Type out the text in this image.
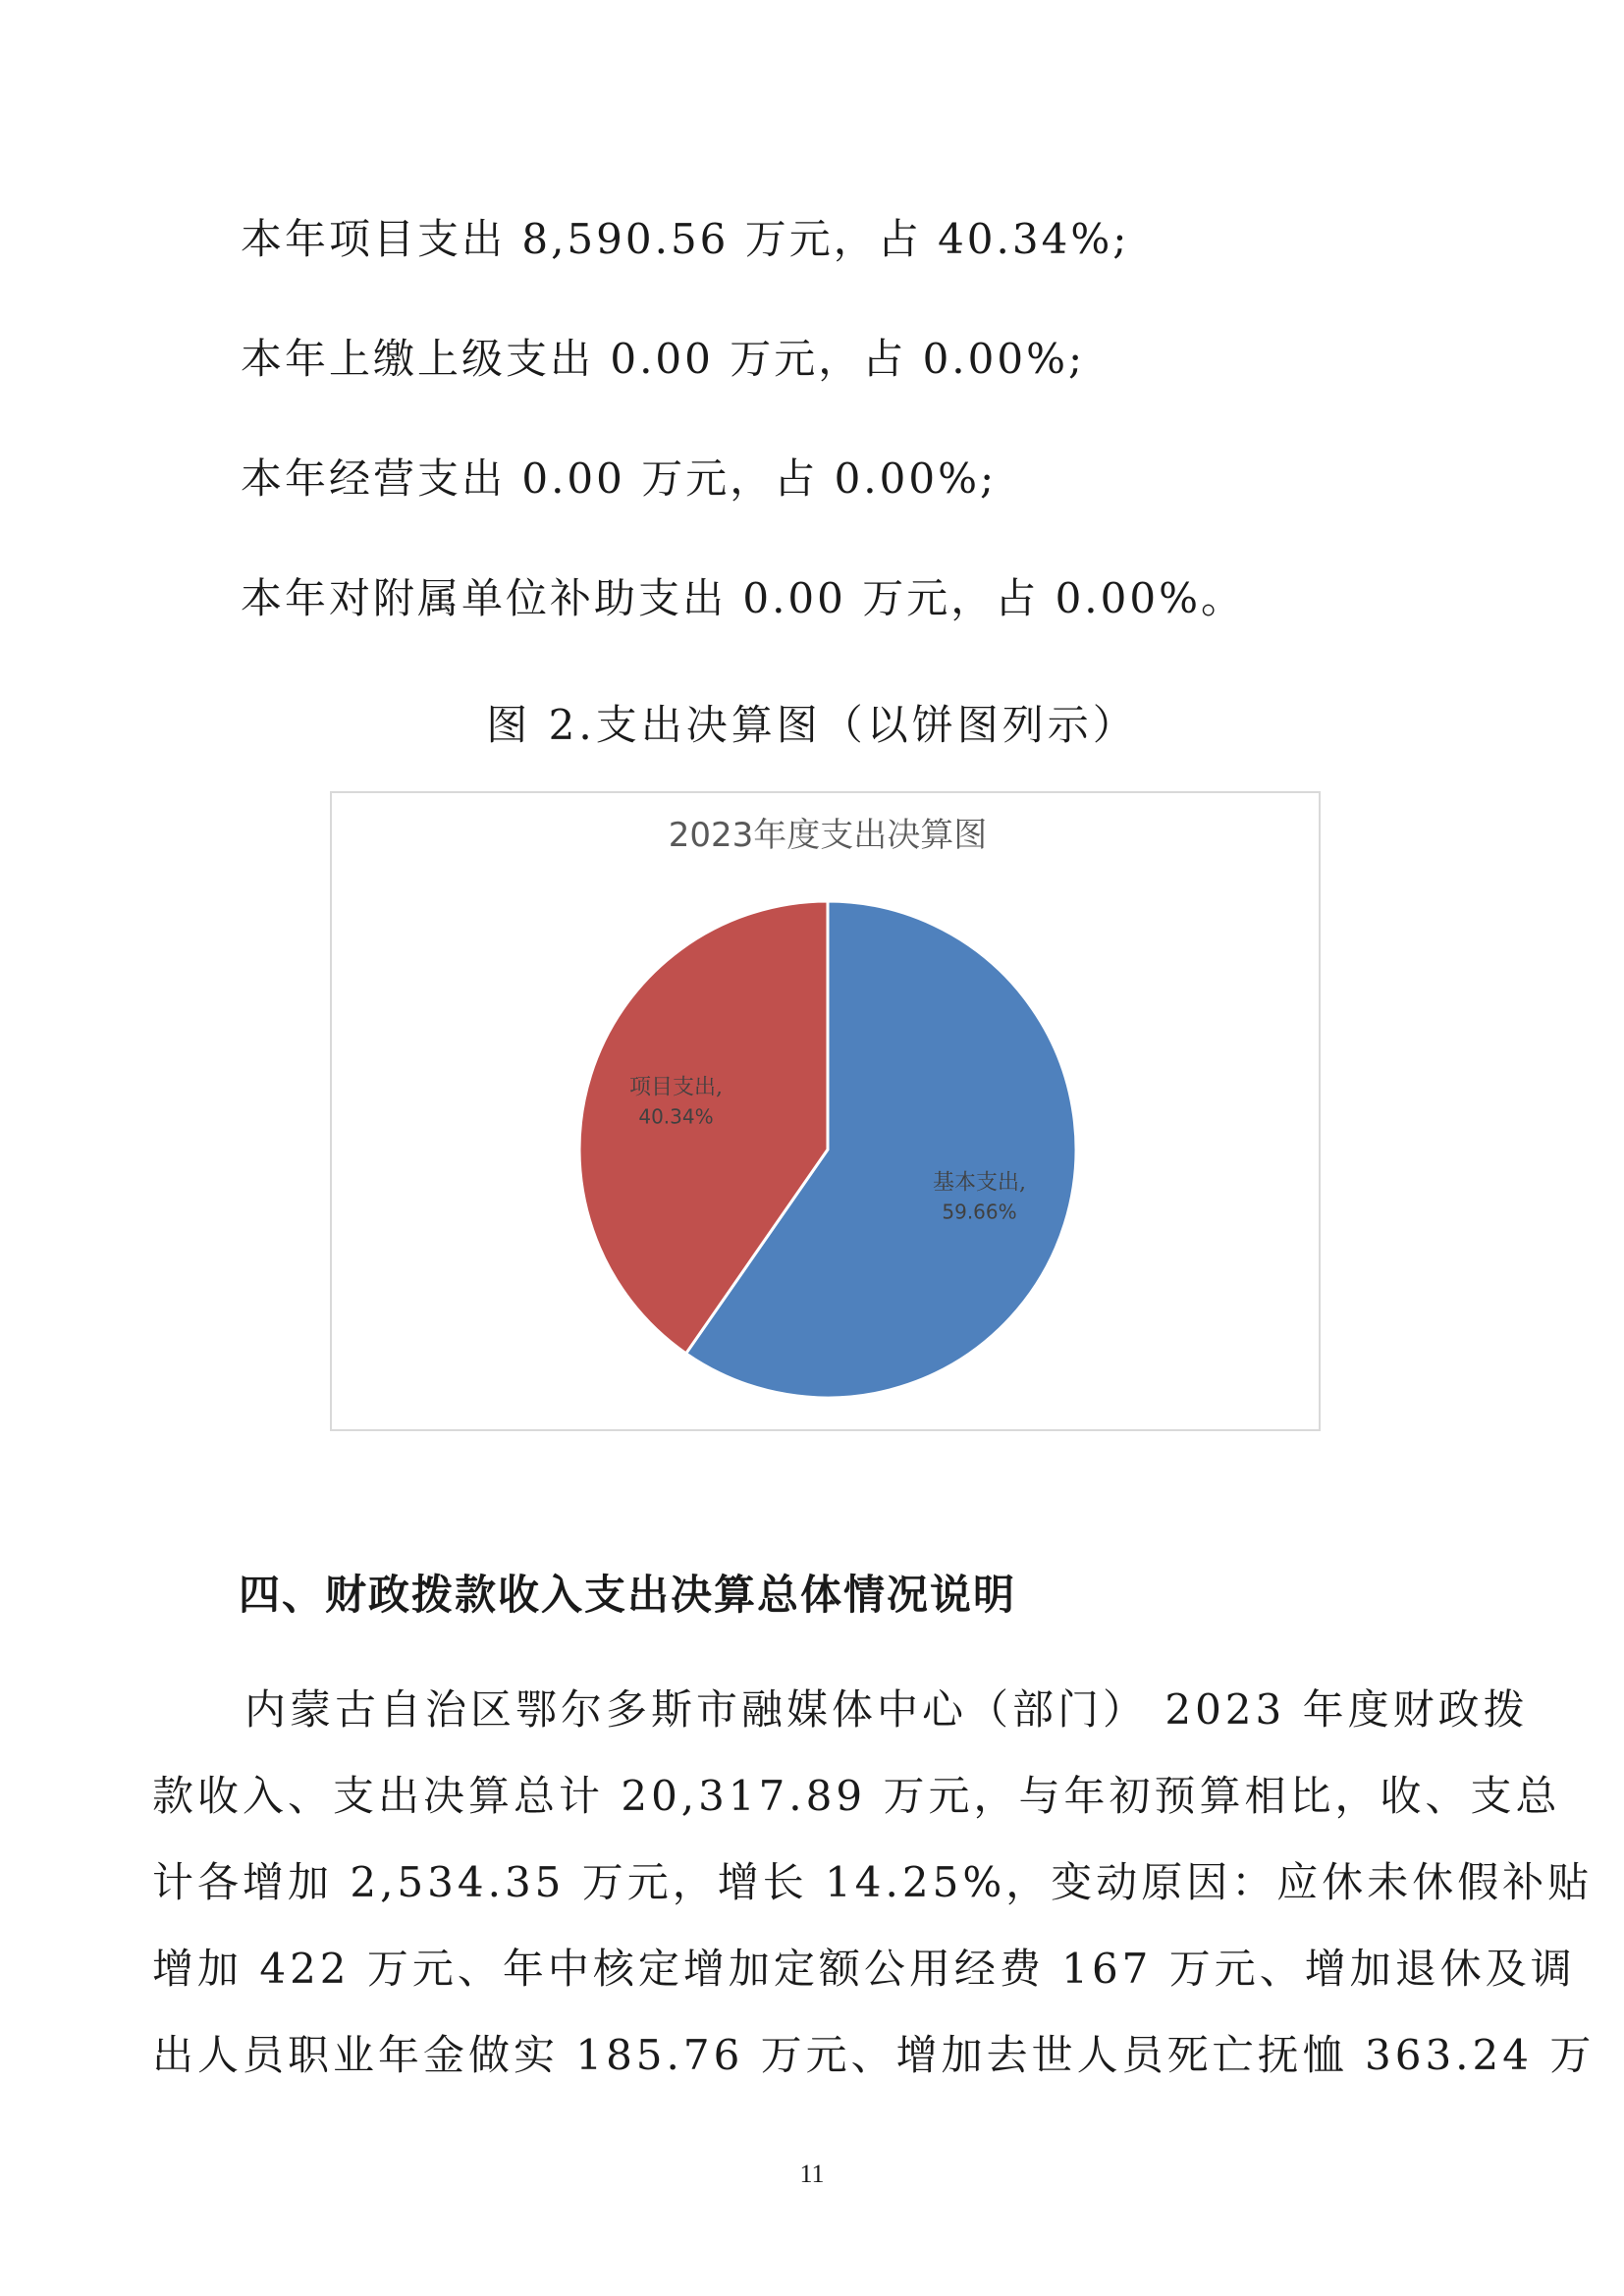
本年项目支出 8,590.56 万元，占 40.34%;
本年上缴上级支出 0.00 万元，占 0.00%;
本年经营支出 0.00 万元，占 0.00%;
本年对附属单位补助支出 0.00 万元，占 0.00%。
图 2.支出决算图（以饼图列示）
2023年度支出决算图
基本支出,
59.66%
项目支出,
40.34%
四、财政拨款收入支出决算总体情况说明
内蒙古自治区鄂尔多斯市融媒体中心（部门） 2023 年度财政拨
款收入、支出决算总计 20,317.89 万元，与年初预算相比，收、支总
计各增加 2,534.35 万元，增长 14.25%，变动原因：应休未休假补贴
增加 422 万元、年中核定增加定额公用经费 167 万元、增加退休及调
出人员职业年金做实 185.76 万元、增加去世人员死亡抚恤 363.24 万
11
